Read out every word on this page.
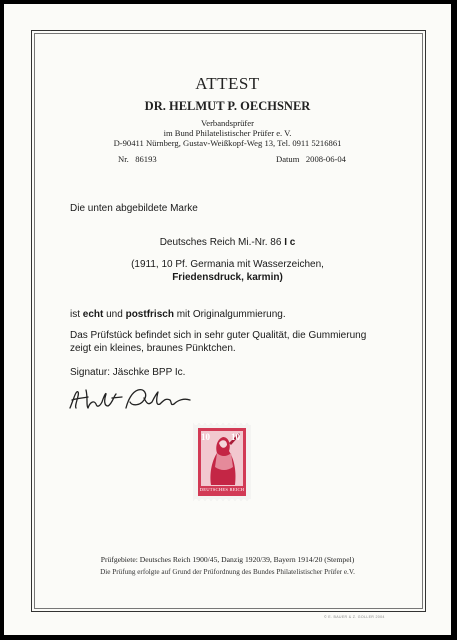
ATTEST
DR. HELMUT P. OECHSNER
Verbandsprüfer
im Bund Philatelistischer Prüfer e. V.
D-90411 Nürnberg, Gustav-Weißkopf-Weg 13, Tel. 0911 5216861
Nr. 86193	Datum 2008-06-04
Die unten abgebildete Marke
Deutsches Reich Mi.-Nr. 86 I c
(1911, 10 Pf. Germania mit Wasserzeichen,
Friedensdruck, karmin)
ist echt und postfrisch mit Originalgummierung.
Das Prüfstück befindet sich in sehr guter Qualität, die Gummierung
zeigt ein kleines, braunes Pünktchen.
Signatur: Jäschke BPP Ic.
10 10
DEUTSCHES REICH
Prüfgebiete: Deutsches Reich 1900/45, Danzig 1920/39, Bayern 1914/20 (Stempel)
Die Prüfung erfolgte auf Grund der Prüfordnung des Bundes Philatelistischer Prüfer e.V.
© E. BAUER & Z. GOLLER 2004
